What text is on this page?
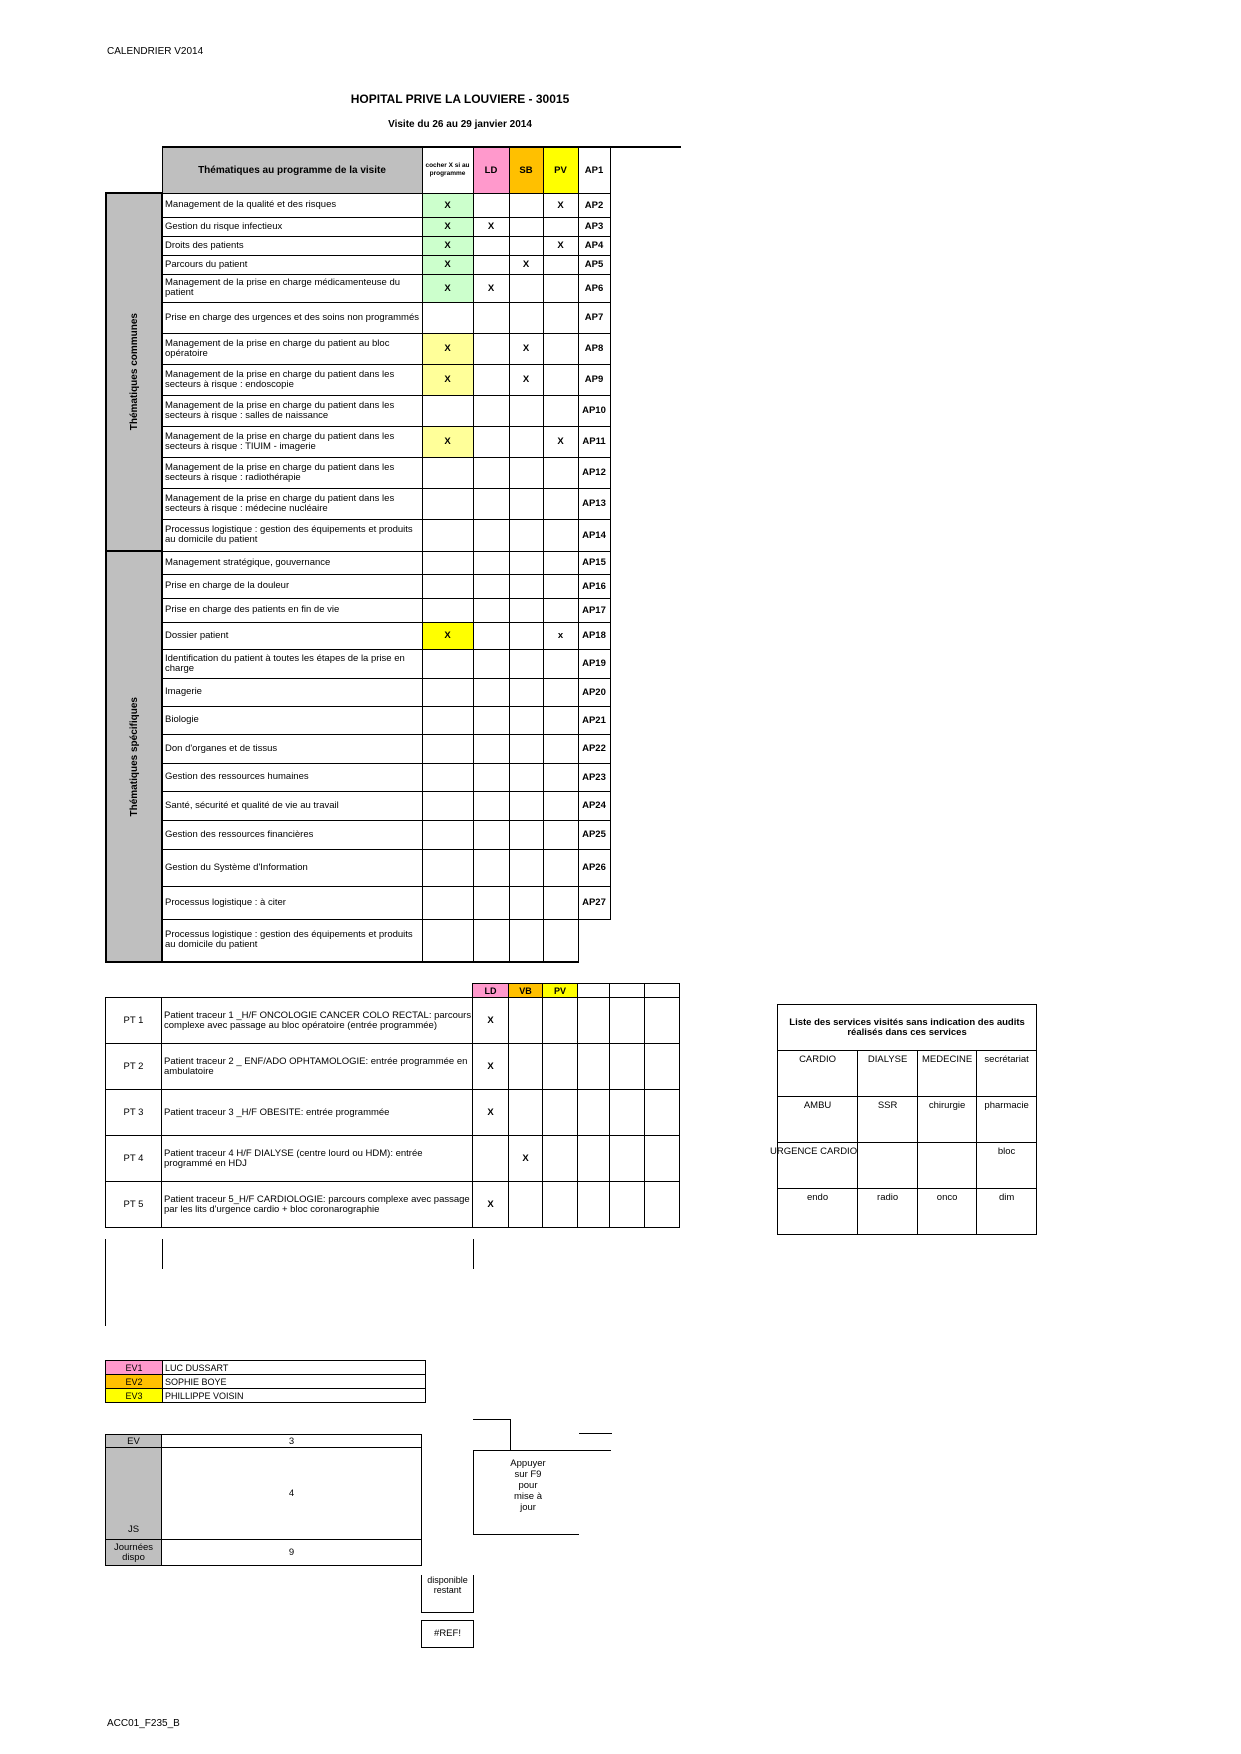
CALENDRIER V2014
HOPITAL PRIVE LA LOUVIERE - 30015
Visite du 26 au 29 janvier 2014
	Thématiques au programme de la visite	cocher X si au programme	LD	SB	PV	AP1

Thématiques communes	Management de la qualité et des risques	X			X	AP2
	Gestion du risque infectieux	X	X			AP3
	Droits des patients	X			X	AP4
	Parcours du patient	X		X		AP5
	Management de la prise en charge médicamenteuse du patient	X	X			AP6
	Prise en charge des urgences et des soins non programmés					AP7
	Management de la prise en charge du patient au bloc opératoire	X		X		AP8
	Management de la prise en charge du patient dans les secteurs à risque : endoscopie	X		X		AP9
	Management de la prise en charge du patient dans les secteurs à risque : salles de naissance					AP10
	Management de la prise en charge du patient dans les secteurs à risque : TIUIM - imagerie	X			X	AP11
	Management de la prise en charge du patient dans les secteurs à risque : radiothérapie					AP12
	Management de la prise en charge du patient dans les secteurs à risque : médecine nucléaire					AP13
	Processus logistique : gestion des équipements et produits au domicile du patient					AP14

Thématiques spécifiques	Management stratégique, gouvernance					AP15
	Prise en charge de la douleur					AP16
	Prise en charge des patients en fin de vie					AP17
	Dossier patient	X			x	AP18
	Identification du patient à toutes les étapes de la prise en charge					AP19
	Imagerie					AP20
	Biologie					AP21
	Don d'organes et de tissus					AP22
	Gestion des ressources humaines					AP23
	Santé, sécurité et qualité de vie au travail					AP24
	Gestion des ressources financières					AP25
	Gestion du Système d'Information					AP26
	Processus logistique : à citer					AP27
	Processus logistique : gestion des équipements et produits au domicile du patient					
		LD	VB	PV			
PT 1	Patient traceur 1 _H/F ONCOLOGIE CANCER COLO RECTAL: parcours complexe avec passage au bloc opératoire (entrée programmée)	X					
PT 2	Patient traceur 2 _ ENF/ADO OPHTAMOLOGIE: entrée programmée en ambulatoire	X					
PT 3	Patient traceur 3 _H/F OBESITE: entrée programmée	X					
PT 4	Patient traceur 4 H/F DIALYSE (centre lourd ou HDM): entrée programmé en HDJ		X				
PT 5	Patient traceur 5_H/F CARDIOLOGIE: parcours complexe avec passage par les lits d'urgence cardio + bloc coronarographie	X					
Liste des services visités sans indication des audits réalisés dans ces services			
CARDIO	DIALYSE	MEDECINE	secrétariat
AMBU	SSR	chirurgie	pharmacie
URGENCE CARDIO			bloc
endo	radio	onco	dim
EV1	LUC DUSSART
EV2	SOPHIE BOYE
EV3	PHILLIPPE VOISIN
EV	3
JS	4
Journées dispo	9
Appuyer sur F9 pour mise à jour
disponible restant
#REF!
ACC01_F235_B
